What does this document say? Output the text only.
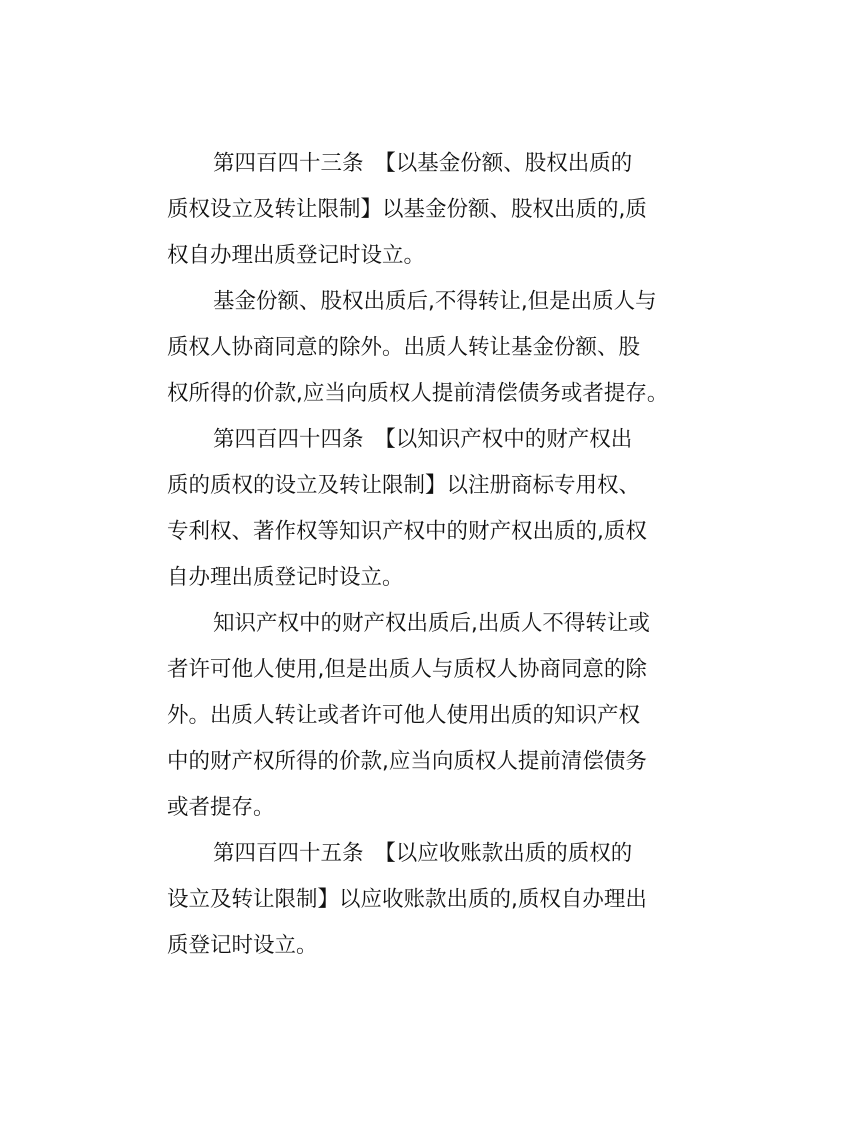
第四百四十三条　【以基金份额、股权出质的
质权设立及转让限制】以基金份额、股权出质的,质
权自办理出质登记时设立。
基金份额、股权出质后,不得转让,但是出质人与
质权人协商同意的除外。出质人转让基金份额、股
权所得的价款,应当向质权人提前清偿债务或者提存。
第四百四十四条　【以知识产权中的财产权出
质的质权的设立及转让限制】以注册商标专用权、
专利权、著作权等知识产权中的财产权出质的,质权
自办理出质登记时设立。
知识产权中的财产权出质后,出质人不得转让或
者许可他人使用,但是出质人与质权人协商同意的除
外。出质人转让或者许可他人使用出质的知识产权
中的财产权所得的价款,应当向质权人提前清偿债务
或者提存。
第四百四十五条　【以应收账款出质的质权的
设立及转让限制】以应收账款出质的,质权自办理出
质登记时设立。
